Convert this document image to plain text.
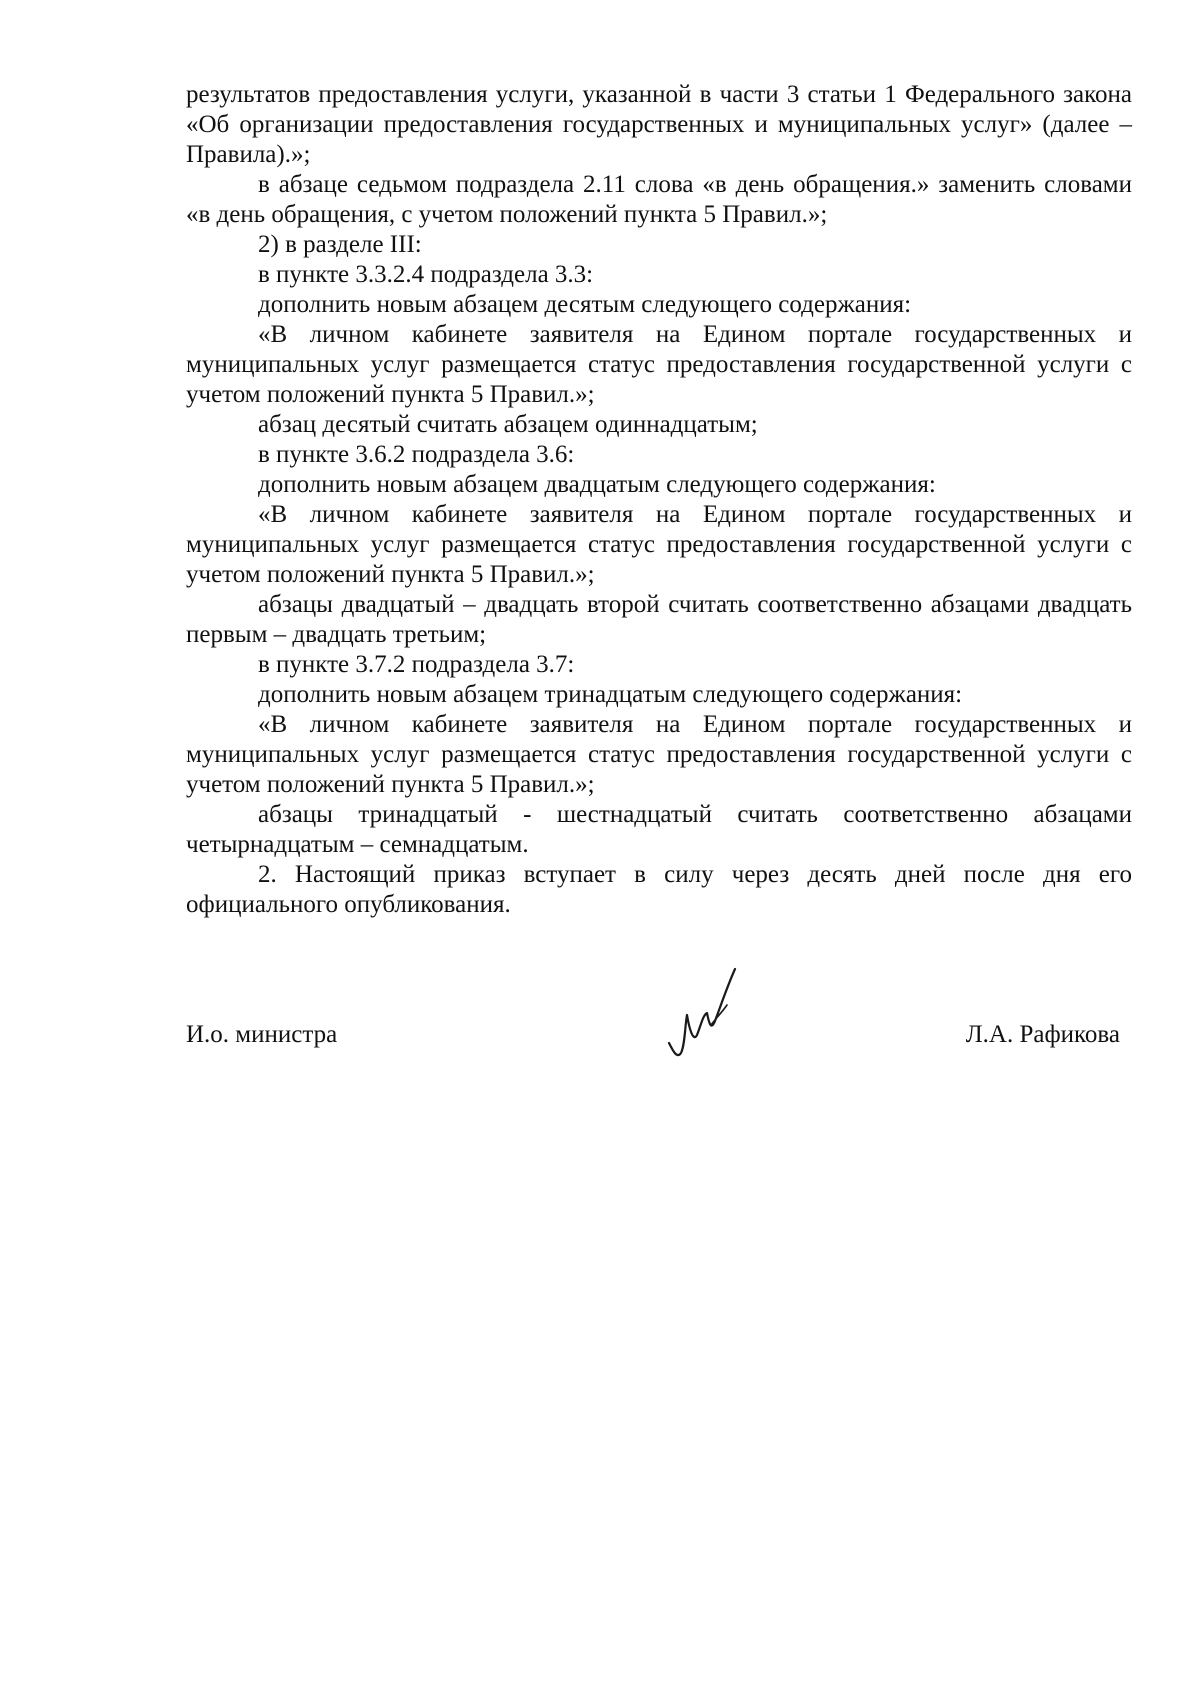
результатов предоставления услуги, указанной в части 3 статьи 1 Федерального закона «Об организации предоставления государственных и муниципальных услуг» (далее – Правила).»;

в абзаце седьмом подраздела 2.11 слова «в день обращения.» заменить словами «в день обращения, с учетом положений пункта 5 Правил.»;

2) в разделе III:

в пункте 3.3.2.4 подраздела 3.3:

дополнить новым абзацем десятым следующего содержания:

«В личном кабинете заявителя на Едином портале государственных и муниципальных услуг размещается статус предоставления государственной услуги с учетом положений пункта 5 Правил.»;

абзац десятый считать абзацем одиннадцатым;

в пункте 3.6.2 подраздела 3.6:

дополнить новым абзацем двадцатым следующего содержания:

«В личном кабинете заявителя на Едином портале государственных и муниципальных услуг размещается статус предоставления государственной услуги с учетом положений пункта 5 Правил.»;

абзацы двадцатый – двадцать второй считать соответственно абзацами двадцать первым – двадцать третьим;

в пункте 3.7.2 подраздела 3.7:

дополнить новым абзацем тринадцатым следующего содержания:

«В личном кабинете заявителя на Едином портале государственных и муниципальных услуг размещается статус предоставления государственной услуги с учетом положений пункта 5 Правил.»;

абзацы тринадцатый - шестнадцатый считать соответственно абзацами четырнадцатым – семнадцатым.

2. Настоящий приказ вступает в силу через десять дней после дня его официального опубликования.

И.о. министра	Л.А. Рафикова
